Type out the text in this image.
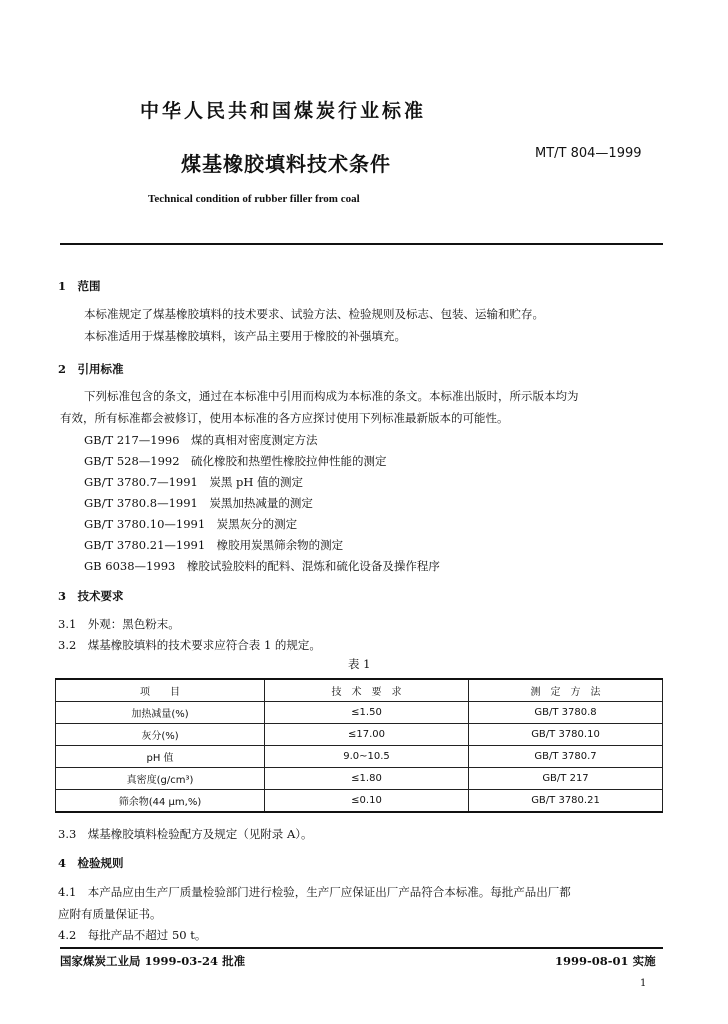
中华人民共和国煤炭行业标准
煤基橡胶填料技术条件	MT/T 804—1999
Technical condition of rubber filler from coal
1　范围
本标准规定了煤基橡胶填料的技术要求、试验方法、检验规则及标志、包装、运输和贮存。
本标准适用于煤基橡胶填料，该产品主要用于橡胶的补强填充。
2　引用标准
下列标准包含的条文，通过在本标准中引用而构成为本标准的条文。本标准出版时，所示版本均为
有效，所有标准都会被修订，使用本标准的各方应探讨使用下列标准最新版本的可能性。
GB/T 217—1996　煤的真相对密度测定方法
GB/T 528—1992　硫化橡胶和热塑性橡胶拉伸性能的测定
GB/T 3780.7—1991　炭黑 pH 值的测定
GB/T 3780.8—1991　炭黑加热减量的测定
GB/T 3780.10—1991　炭黑灰分的测定
GB/T 3780.21—1991　橡胶用炭黑筛余物的测定
GB 6038—1993　橡胶试验胶料的配料、混炼和硫化设备及操作程序
3　技术要求
3.1　外观：黑色粉末。
3.2　煤基橡胶填料的技术要求应符合表 1 的规定。
表 1
项　　目	技　术　要　求	测　定　方　法
加热减量(%)	≤1.50	GB/T 3780.8
灰分(%)	≤17.00	GB/T 3780.10
pH 值	9.0~10.5	GB/T 3780.7
真密度(g/cm³)	≤1.80	GB/T 217
筛余物(44 μm,%)	≤0.10	GB/T 3780.21
3.3　煤基橡胶填料检验配方及规定（见附录 A）。
4　检验规则
4.1　本产品应由生产厂质量检验部门进行检验，生产厂应保证出厂产品符合本标准。每批产品出厂都
应附有质量保证书。
4.2　每批产品不超过 50 t。
国家煤炭工业局 1999-03-24 批准	1999-08-01 实施
1
